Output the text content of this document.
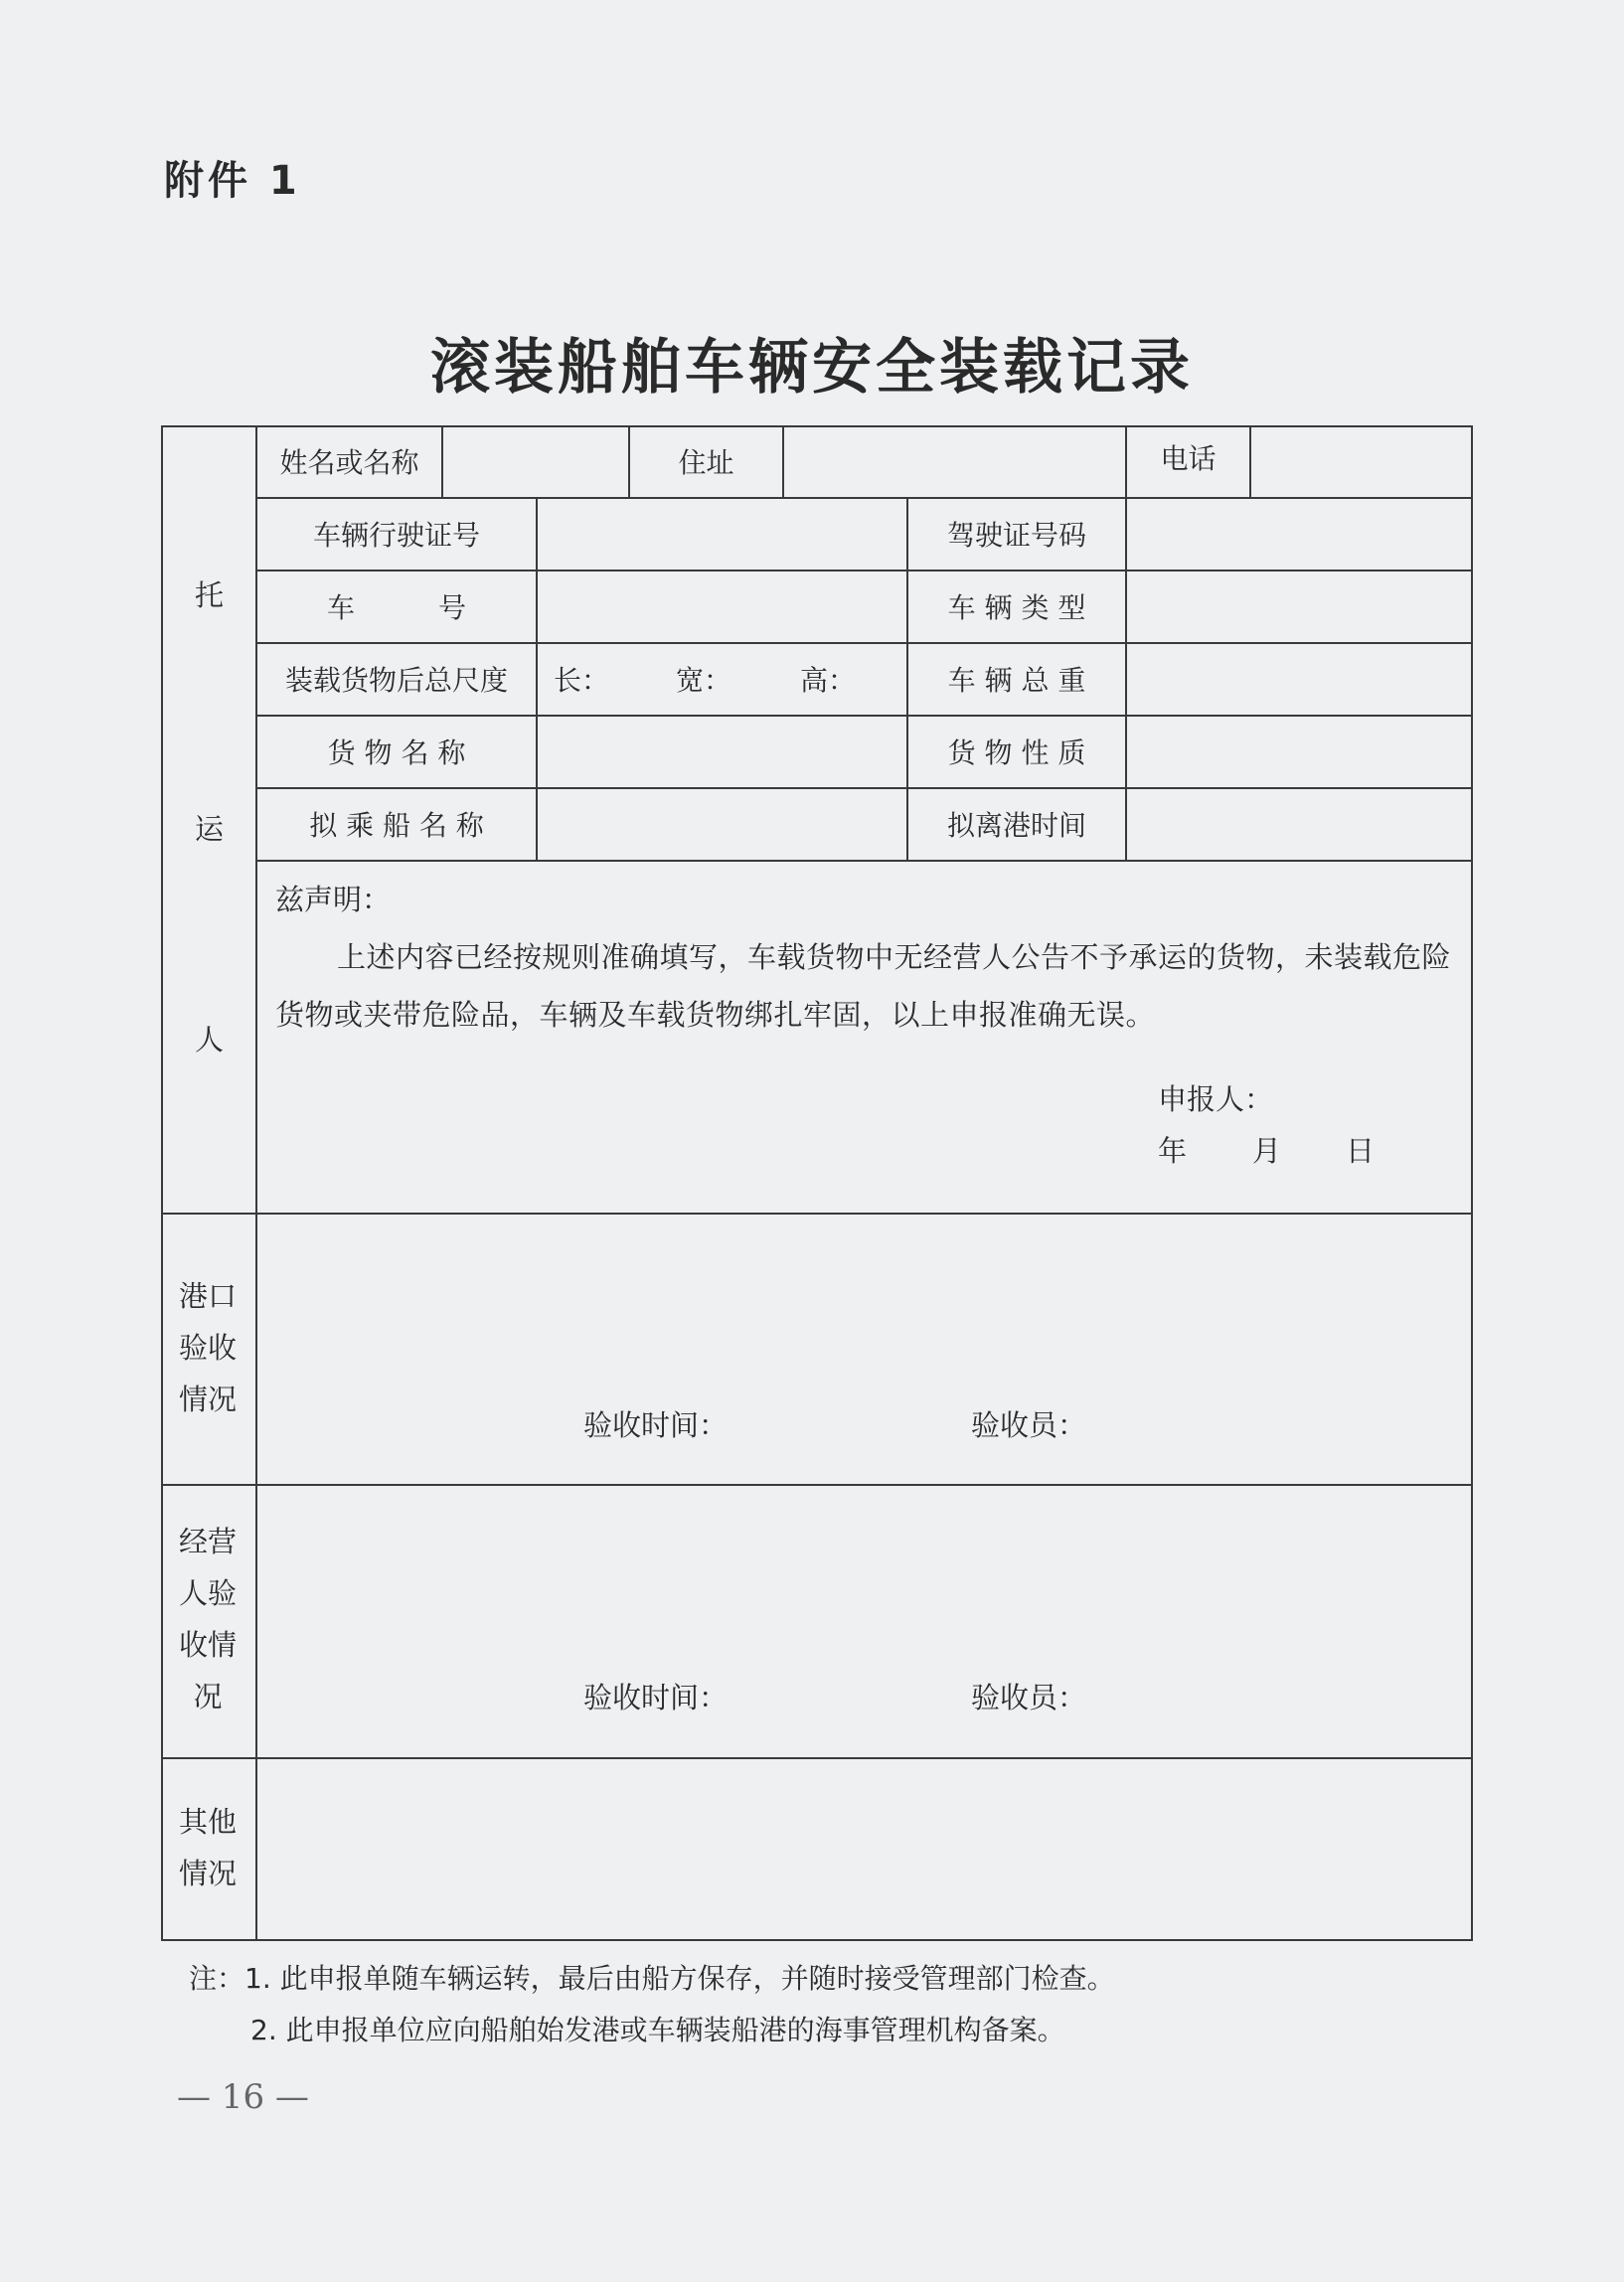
附件 1
滚装船舶车辆安全装载记录
托
运
人
姓名或名称	住址	电话
车辆行驶证号	驾驶证号码
车　　　号	车 辆 类 型
装载货物后总尺度	长：	宽：	高：	车 辆 总 重
货 物 名 称	货 物 性 质
拟 乘 船 名 称	拟离港时间
兹声明：
上述内容已经按规则准确填写，车载货物中无经营人公告不予承运的货物，未装载危险货物或夹带危险品，车辆及车载货物绑扎牢固，以上申报准确无误。
申报人：
年	月	日
港口验收情况
验收时间：	验收员：
经营人验收情况	验收时间：	验收员：
其他情况
注：1. 此申报单随车辆运转，最后由船方保存，并随时接受管理部门检查。
2. 此申报单位应向船舶始发港或车辆装船港的海事管理机构备案。
— 16 —
